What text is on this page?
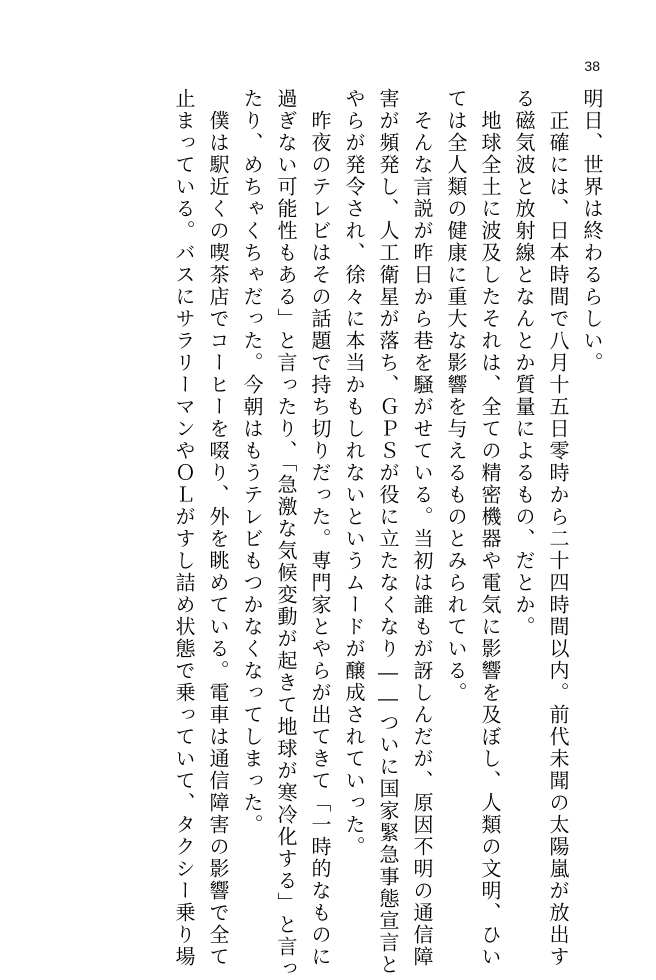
38
明日、世界は終わるらしい。
　正確には、日本時間で八月十五日零時から二十四時間以内。前代未聞の太陽嵐が放出す
る磁気波と放射線となんとか質量によるもの、だとか。
　地球全土に波及したそれは、全ての精密機器や電気に影響を及ぼし、人類の文明、ひい
ては全人類の健康に重大な影響を与えるものとみられている。
　そんな言説が昨日から巷を騒がせている。当初は誰もが訝しんだが、原因不明の通信障
害が頻発し、人工衛星が落ち、ＧＰＳが役に立たなくなり――ついに国家緊急事態宣言と
やらが発令され、徐々に本当かもしれないというムードが醸成されていった。
　昨夜のテレビはその話題で持ち切りだった。専門家とやらが出てきて「一時的なものに
過ぎない可能性もある」と言ったり、「急激な気候変動が起きて地球が寒冷化する」と言っ
たり、めちゃくちゃだった。今朝はもうテレビもつかなくなってしまった。
　僕は駅近くの喫茶店でコーヒーを啜り、外を眺めている。電車は通信障害の影響で全て
止まっている。バスにサラリーマンやＯＬがすし詰め状態で乗っていて、タクシー乗り場
